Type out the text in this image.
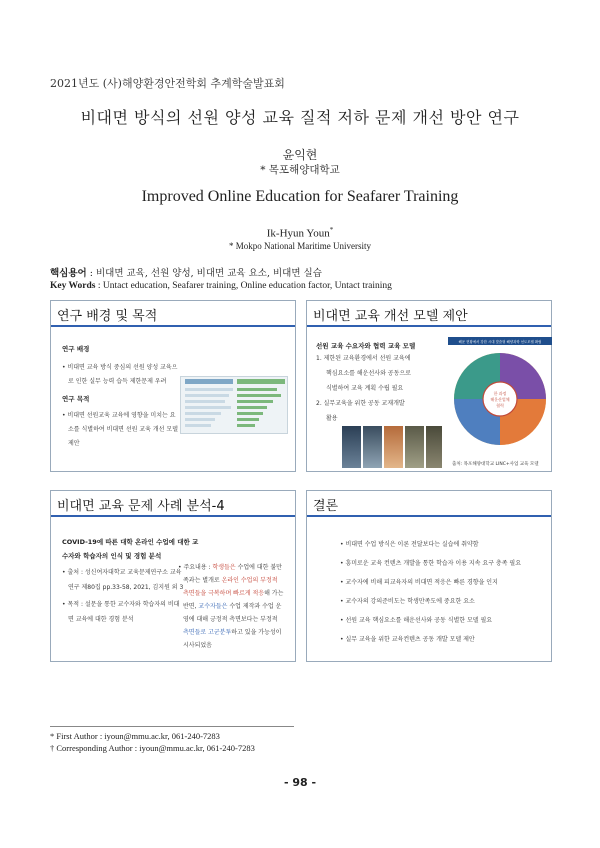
2021년도 (사)해양환경안전학회 추계학술발표회
비대면 방식의 선원 양성 교육 질적 저하 문제 개선 방안 연구
윤익현
* 목포해양대학교
Improved Online Education for Seafarer Training
Ik-Hyun Youn*
* Mokpo National Maritime University
핵심용어 : 비대면 교육, 선원 양성, 비대면 교육 요소, 비대면 실습
Key Words : Untact education, Seafarer training, Online education factor, Untact training
연구 배경 및 목적
연구 배경
• 비대면 교육 방식 중심의 선원 양성 교육으
로 인한 실무 능력 습득 제한문제 우려
연구 목적
• 비대면 선원교육 교육에 영향을 미치는 요
소를 식별하여 비대면 선원 교육 개선 모델
제안
비대면 교육 개선 모델 제안
선원 교육 수요자와 협력 교육 모델
1. 제한된 교육환경에서 선원 교육에
핵심요소를 해운선사와 공동으로
식별하여 교육 계획 수립 필요
2. 실무교육을 위한 공동 교재개발
활용
해운 현황에서 강한 시대 맞춤형 해양과학 선도모델 확립
한 과정
해운산업체
협력
출처: 목포해양대학교 LINC+사업 교육 모델
비대면 교육 문제 사례 분석-4
COVID-19에 따른 대학 온라인 수업에 대한 교
수자와 학습자의 인식 및 경험 분석
• 출처 : 성신여자대학교 교육문제연구소 교육
연구 제80집 pp.33-58, 2021, 김지원 외 3
• 목적 : 설문을 통한 교수자와 학습자의 비대
면 교육에 대한 경험 분석
• 주요내용 : 학생들은 수업에 대한 불만
족과는 별개로 온라인 수업의 부정적
측면들을 극복하며 빠르게 적응해 가는
반면, 교수자들은 수업 제작과 수업 운
영에 대해 긍정적 측면보다는 부정적
측면들로 고군분투하고 있을 가능성이
시사되었음
결론
• 비대면 수업 방식은 이론 전달보다는 실습에 취약함
• 흥미로운 교육 컨텐츠 개발을 통한 학습자 이용 지속 요구 충족 필요
• 교수자에 비해 피교육자의 비대면 적응은 빠른 경향을 인지
• 교수자의 강의준비도는 학생만족도에 중요한 요소
• 선원 교육 핵심요소를 해운선사와 공동 식별한 모델 필요
• 실무 교육을 위한 교육컨텐츠 공동 개발 모델 제안
* First Author : iyoun@mmu.ac.kr, 061-240-7283
† Corresponding Author : iyoun@mmu.ac.kr, 061-240-7283
- 98 -
